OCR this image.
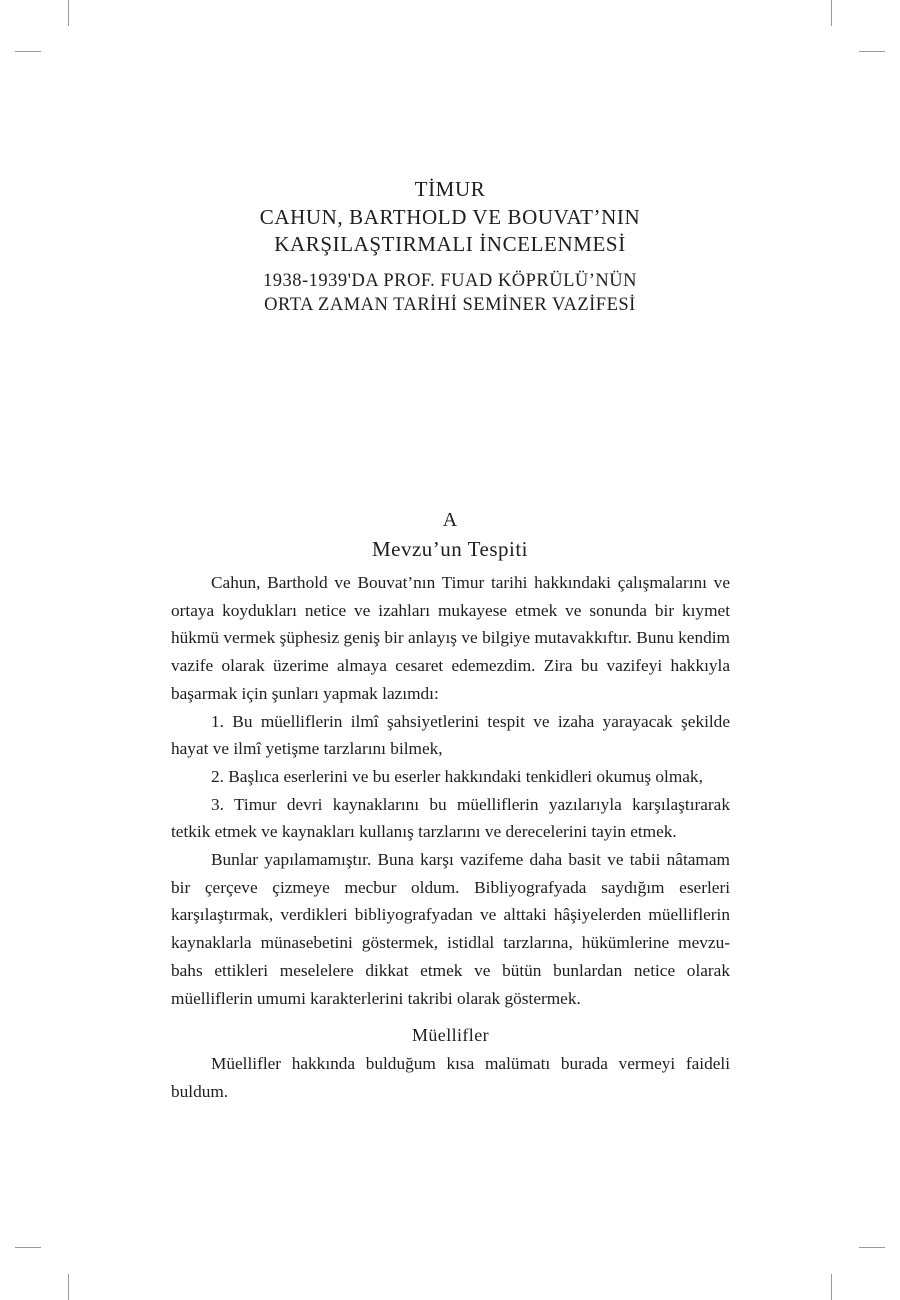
TİMUR
CAHUN, BARTHOLD VE BOUVAT’NIN
KARŞILAŞTIRMALI İNCELENMESİ
1938-1939'DA PROF. FUAD KÖPRÜLÜ’NÜN
ORTA ZAMAN TARİHİ SEMİNER VAZİFESİ
A
Mevzu’un Tespiti

Cahun, Barthold ve Bouvat’nın Timur tarihi hakkındaki çalışmalarını ve ortaya koydukları netice ve izahları mukayese etmek ve sonunda bir kıymet hükmü vermek şüphesiz geniş bir anlayış ve bilgiye mutavakkıftır. Bunu kendim vazife olarak üzerime almaya cesaret edemezdim. Zira bu vazifeyi hakkıyla başarmak için şunları yapmak lazımdı:

1. Bu müelliflerin ilmî şahsiyetlerini tespit ve izaha yarayacak şekilde hayat ve ilmî yetişme tarzlarını bilmek,

2. Başlıca eserlerini ve bu eserler hakkındaki tenkidleri okumuş olmak,

3. Timur devri kaynaklarını bu müelliflerin yazılarıyla karşılaştırarak tetkik etmek ve kaynakları kullanış tarzlarını ve derecelerini tayin etmek.

Bunlar yapılamamıştır. Buna karşı vazifeme daha basit ve tabii nâtamam bir çerçeve çizmeye mecbur oldum. Bibliyografyada saydığım eserleri karşılaştırmak, verdikleri bibliyografyadan ve alttaki hâşiyelerden müelliflerin kaynaklarla münasebetini göstermek, istidlal tarzlarına, hükümlerine mevzu-bahs ettikleri meselelere dikkat etmek ve bütün bunlardan netice olarak müelliflerin umumi karakterlerini takribi olarak göstermek.

Müellifler

Müellifler hakkında bulduğum kısa malümatı burada vermeyi faideli buldum.
